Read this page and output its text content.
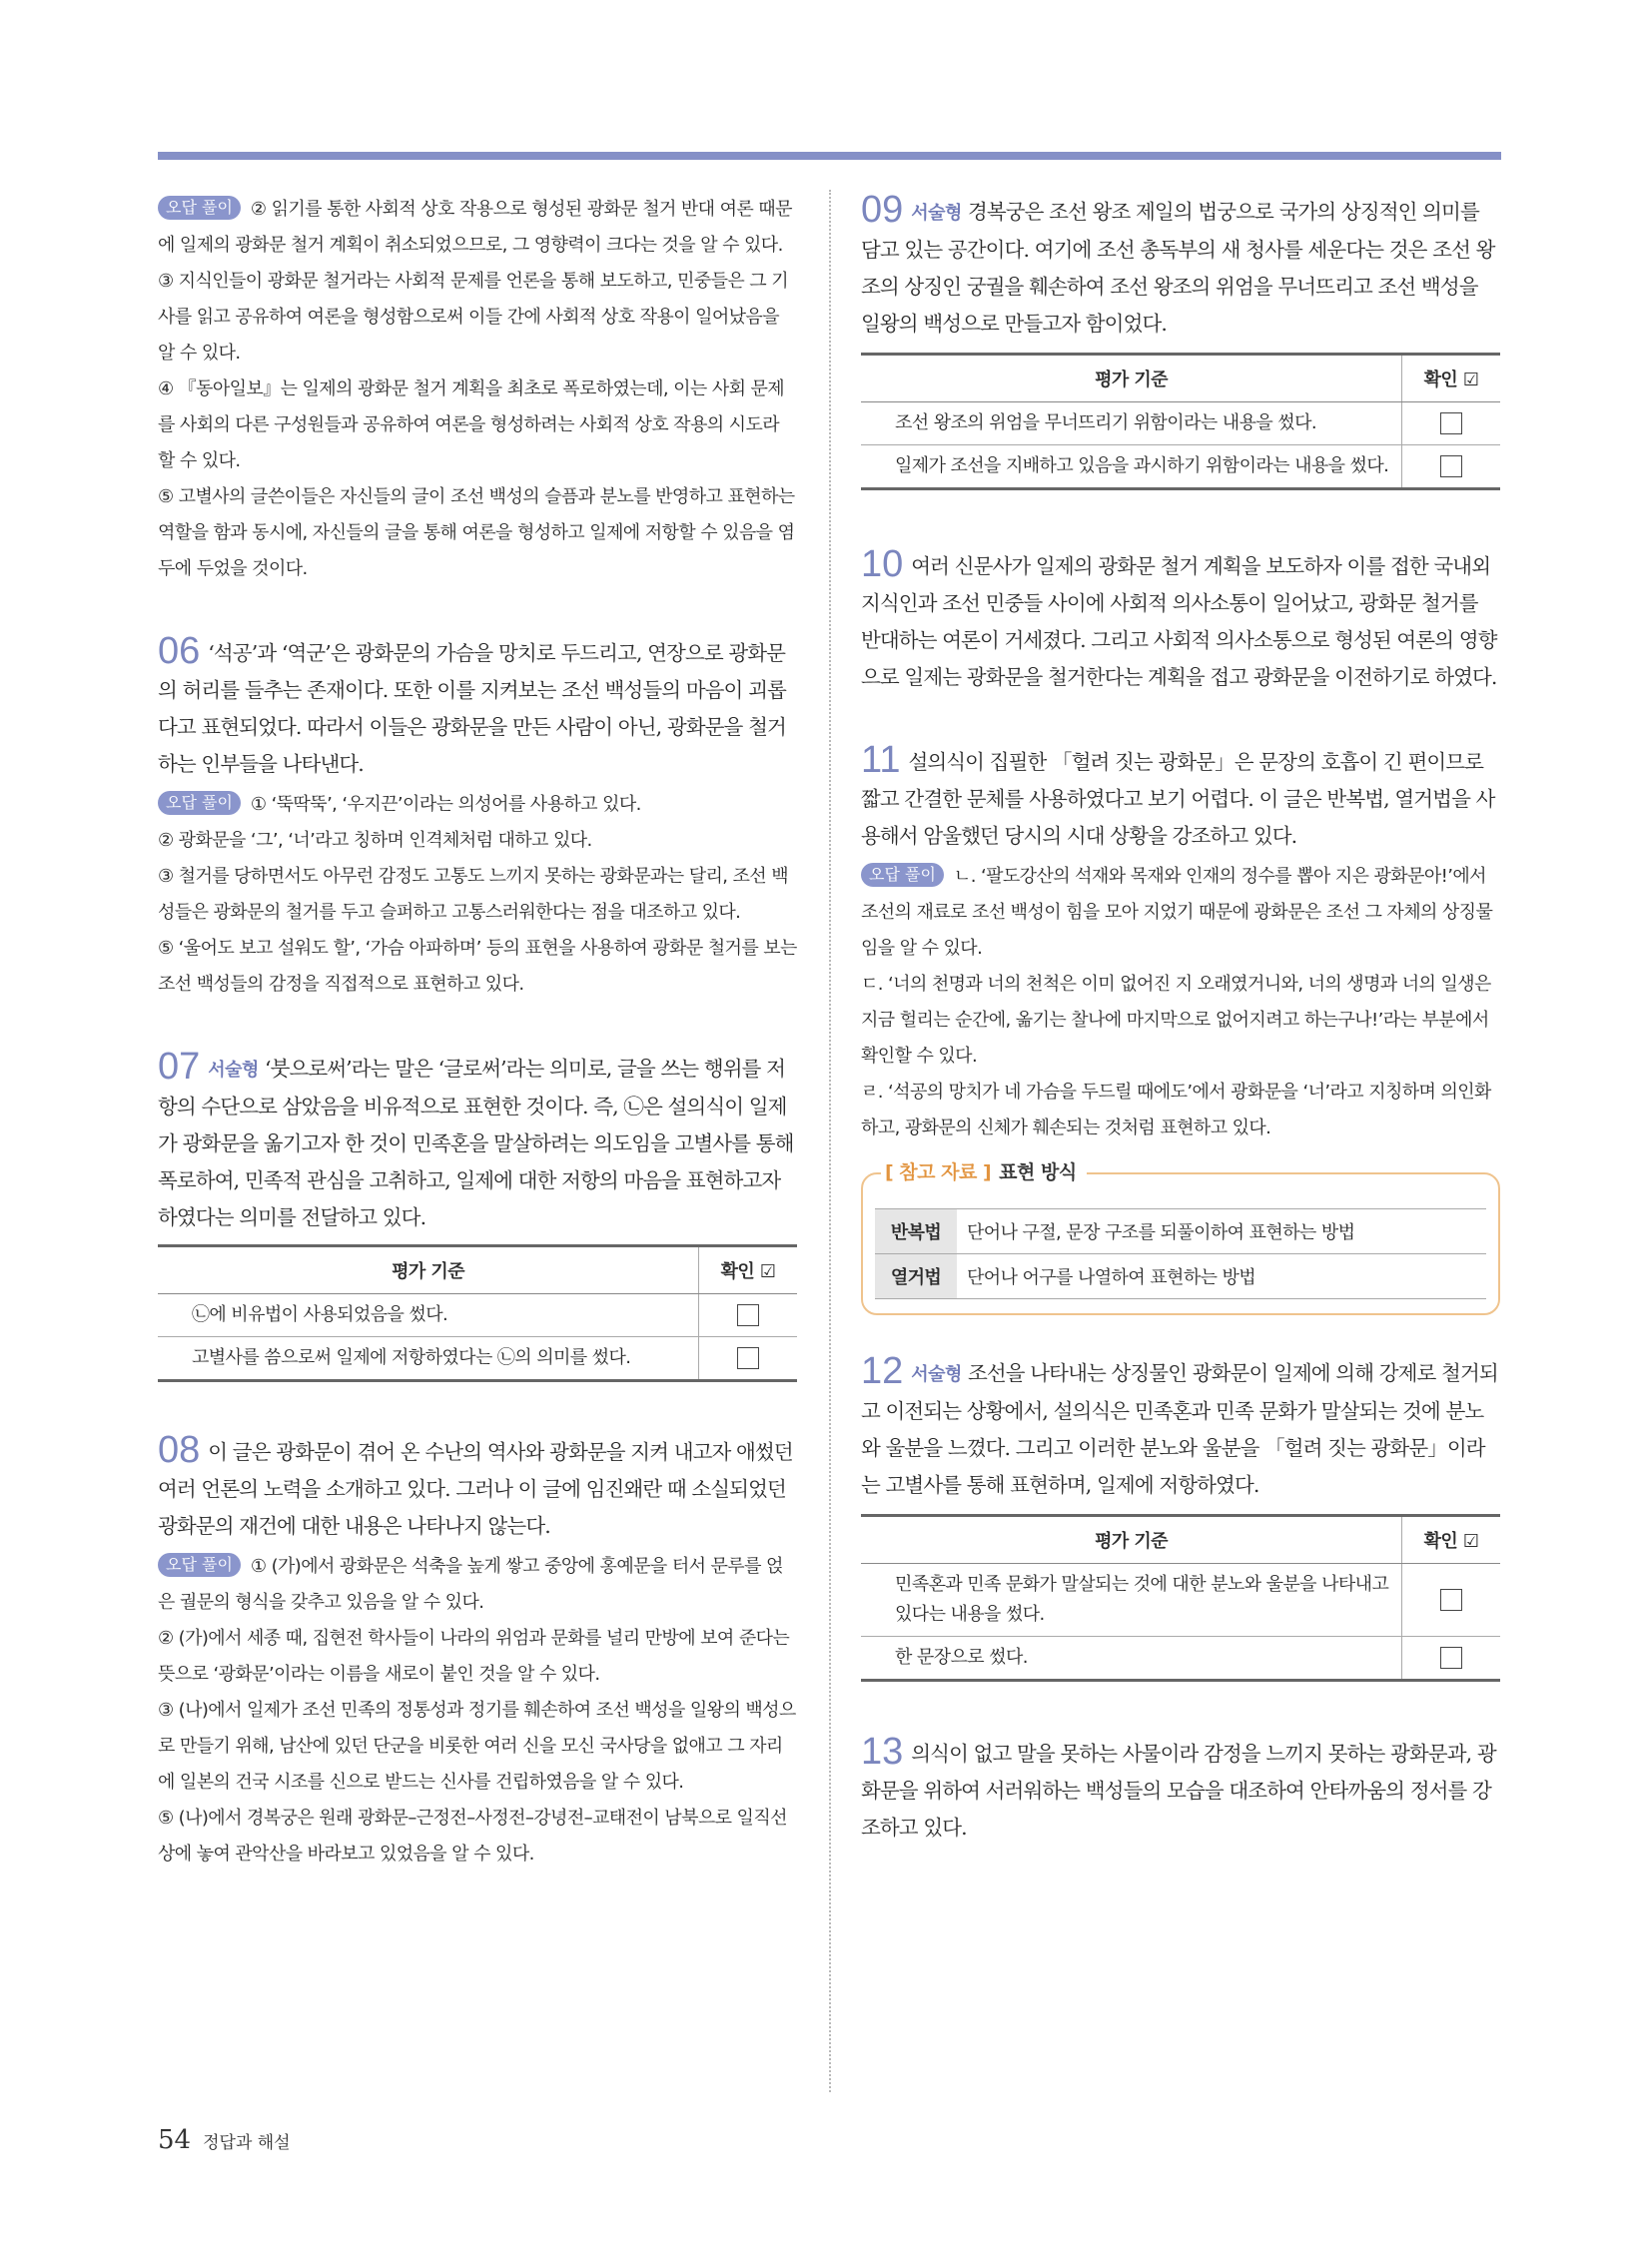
오답 풀이 ② 읽기를 통한 사회적 상호 작용으로 형성된 광화문 철거 반대 여론 때문에 일제의 광화문 철거 계획이 취소되었으므로, 그 영향력이 크다는 것을 알 수 있다.

③ 지식인들이 광화문 철거라는 사회적 문제를 언론을 통해 보도하고, 민중들은 그 기사를 읽고 공유하여 여론을 형성함으로써 이들 간에 사회적 상호 작용이 일어났음을 알 수 있다.

④ 『동아일보』는 일제의 광화문 철거 계획을 최초로 폭로하였는데, 이는 사회 문제를 사회의 다른 구성원들과 공유하여 여론을 형성하려는 사회적 상호 작용의 시도라 할 수 있다.

⑤ 고별사의 글쓴이들은 자신들의 글이 조선 백성의 슬픔과 분노를 반영하고 표현하는 역할을 함과 동시에, 자신들의 글을 통해 여론을 형성하고 일제에 저항할 수 있음을 염두에 두었을 것이다.

06 ‘석공’과 ‘역군’은 광화문의 가슴을 망치로 두드리고, 연장으로 광화문의 허리를 들추는 존재이다. 또한 이를 지켜보는 조선 백성들의 마음이 괴롭다고 표현되었다. 따라서 이들은 광화문을 만든 사람이 아닌, 광화문을 철거하는 인부들을 나타낸다.

오답 풀이 ① ‘뚝딱뚝’, ‘우지끈’이라는 의성어를 사용하고 있다.

② 광화문을 ‘그’, ‘너’라고 칭하며 인격체처럼 대하고 있다.

③ 철거를 당하면서도 아무런 감정도 고통도 느끼지 못하는 광화문과는 달리, 조선 백성들은 광화문의 철거를 두고 슬퍼하고 고통스러워한다는 점을 대조하고 있다.

⑤ ‘울어도 보고 설워도 할’, ‘가슴 아파하며’ 등의 표현을 사용하여 광화문 철거를 보는 조선 백성들의 감정을 직접적으로 표현하고 있다.

07 서술형 ‘붓으로써’라는 말은 ‘글로써’라는 의미로, 글을 쓰는 행위를 저항의 수단으로 삼았음을 비유적으로 표현한 것이다. 즉, ㉡은 설의식이 일제가 광화문을 옮기고자 한 것이 민족혼을 말살하려는 의도임을 고별사를 통해 폭로하여, 민족적 관심을 고취하고, 일제에 대한 저항의 마음을 표현하고자 하였다는 의미를 전달하고 있다.

평가 기준	확인 ☑
㉡에 비유법이 사용되었음을 썼다.	
고별사를 씀으로써 일제에 저항하였다는 ㉡의 의미를 썼다.	

08 이 글은 광화문이 겪어 온 수난의 역사와 광화문을 지켜 내고자 애썼던 여러 언론의 노력을 소개하고 있다. 그러나 이 글에 임진왜란 때 소실되었던 광화문의 재건에 대한 내용은 나타나지 않는다.

오답 풀이 ① (가)에서 광화문은 석축을 높게 쌓고 중앙에 홍예문을 터서 문루를 얹은 궐문의 형식을 갖추고 있음을 알 수 있다.

② (가)에서 세종 때, 집현전 학사들이 나라의 위엄과 문화를 널리 만방에 보여 준다는 뜻으로 ‘광화문’이라는 이름을 새로이 붙인 것을 알 수 있다.

③ (나)에서 일제가 조선 민족의 정통성과 정기를 훼손하여 조선 백성을 일왕의 백성으로 만들기 위해, 남산에 있던 단군을 비롯한 여러 신을 모신 국사당을 없애고 그 자리에 일본의 건국 시조를 신으로 받드는 신사를 건립하였음을 알 수 있다.

⑤ (나)에서 경복궁은 원래 광화문–근정전–사정전–강녕전–교태전이 남북으로 일직선상에 놓여 관악산을 바라보고 있었음을 알 수 있다.

09 서술형 경복궁은 조선 왕조 제일의 법궁으로 국가의 상징적인 의미를 담고 있는 공간이다. 여기에 조선 총독부의 새 청사를 세운다는 것은 조선 왕조의 상징인 궁궐을 훼손하여 조선 왕조의 위엄을 무너뜨리고 조선 백성을 일왕의 백성으로 만들고자 함이었다.

평가 기준	확인 ☑
조선 왕조의 위엄을 무너뜨리기 위함이라는 내용을 썼다.	
일제가 조선을 지배하고 있음을 과시하기 위함이라는 내용을 썼다.	

10 여러 신문사가 일제의 광화문 철거 계획을 보도하자 이를 접한 국내외 지식인과 조선 민중들 사이에 사회적 의사소통이 일어났고, 광화문 철거를 반대하는 여론이 거세졌다. 그리고 사회적 의사소통으로 형성된 여론의 영향으로 일제는 광화문을 철거한다는 계획을 접고 광화문을 이전하기로 하였다.

11 설의식이 집필한 「헐려 짓는 광화문」은 문장의 호흡이 긴 편이므로 짧고 간결한 문체를 사용하였다고 보기 어렵다. 이 글은 반복법, 열거법을 사용해서 암울했던 당시의 시대 상황을 강조하고 있다.

오답 풀이 ㄴ. ‘팔도강산의 석재와 목재와 인재의 정수를 뽑아 지은 광화문아!’에서 조선의 재료로 조선 백성이 힘을 모아 지었기 때문에 광화문은 조선 그 자체의 상징물임을 알 수 있다.

ㄷ. ‘너의 천명과 너의 천척은 이미 없어진 지 오래였거니와, 너의 생명과 너의 일생은 지금 헐리는 순간에, 옮기는 찰나에 마지막으로 없어지려고 하는구나!’라는 부분에서 확인할 수 있다.

ㄹ. ‘석공의 망치가 네 가슴을 두드릴 때에도’에서 광화문을 ‘너’라고 지칭하며 의인화하고, 광화문의 신체가 훼손되는 것처럼 표현하고 있다.

[ 참고 자료 ] 표현 방식
반복법	단어나 구절, 문장 구조를 되풀이하여 표현하는 방법
열거법	단어나 어구를 나열하여 표현하는 방법

12 서술형 조선을 나타내는 상징물인 광화문이 일제에 의해 강제로 철거되고 이전되는 상황에서, 설의식은 민족혼과 민족 문화가 말살되는 것에 분노와 울분을 느꼈다. 그리고 이러한 분노와 울분을 「헐려 짓는 광화문」이라는 고별사를 통해 표현하며, 일제에 저항하였다.

평가 기준	확인 ☑
민족혼과 민족 문화가 말살되는 것에 대한 분노와 울분을 나타내고 있다는 내용을 썼다.	
한 문장으로 썼다.	

13 의식이 없고 말을 못하는 사물이라 감정을 느끼지 못하는 광화문과, 광화문을 위하여 서러워하는 백성들의 모습을 대조하여 안타까움의 정서를 강조하고 있다.

54 정답과 해설
